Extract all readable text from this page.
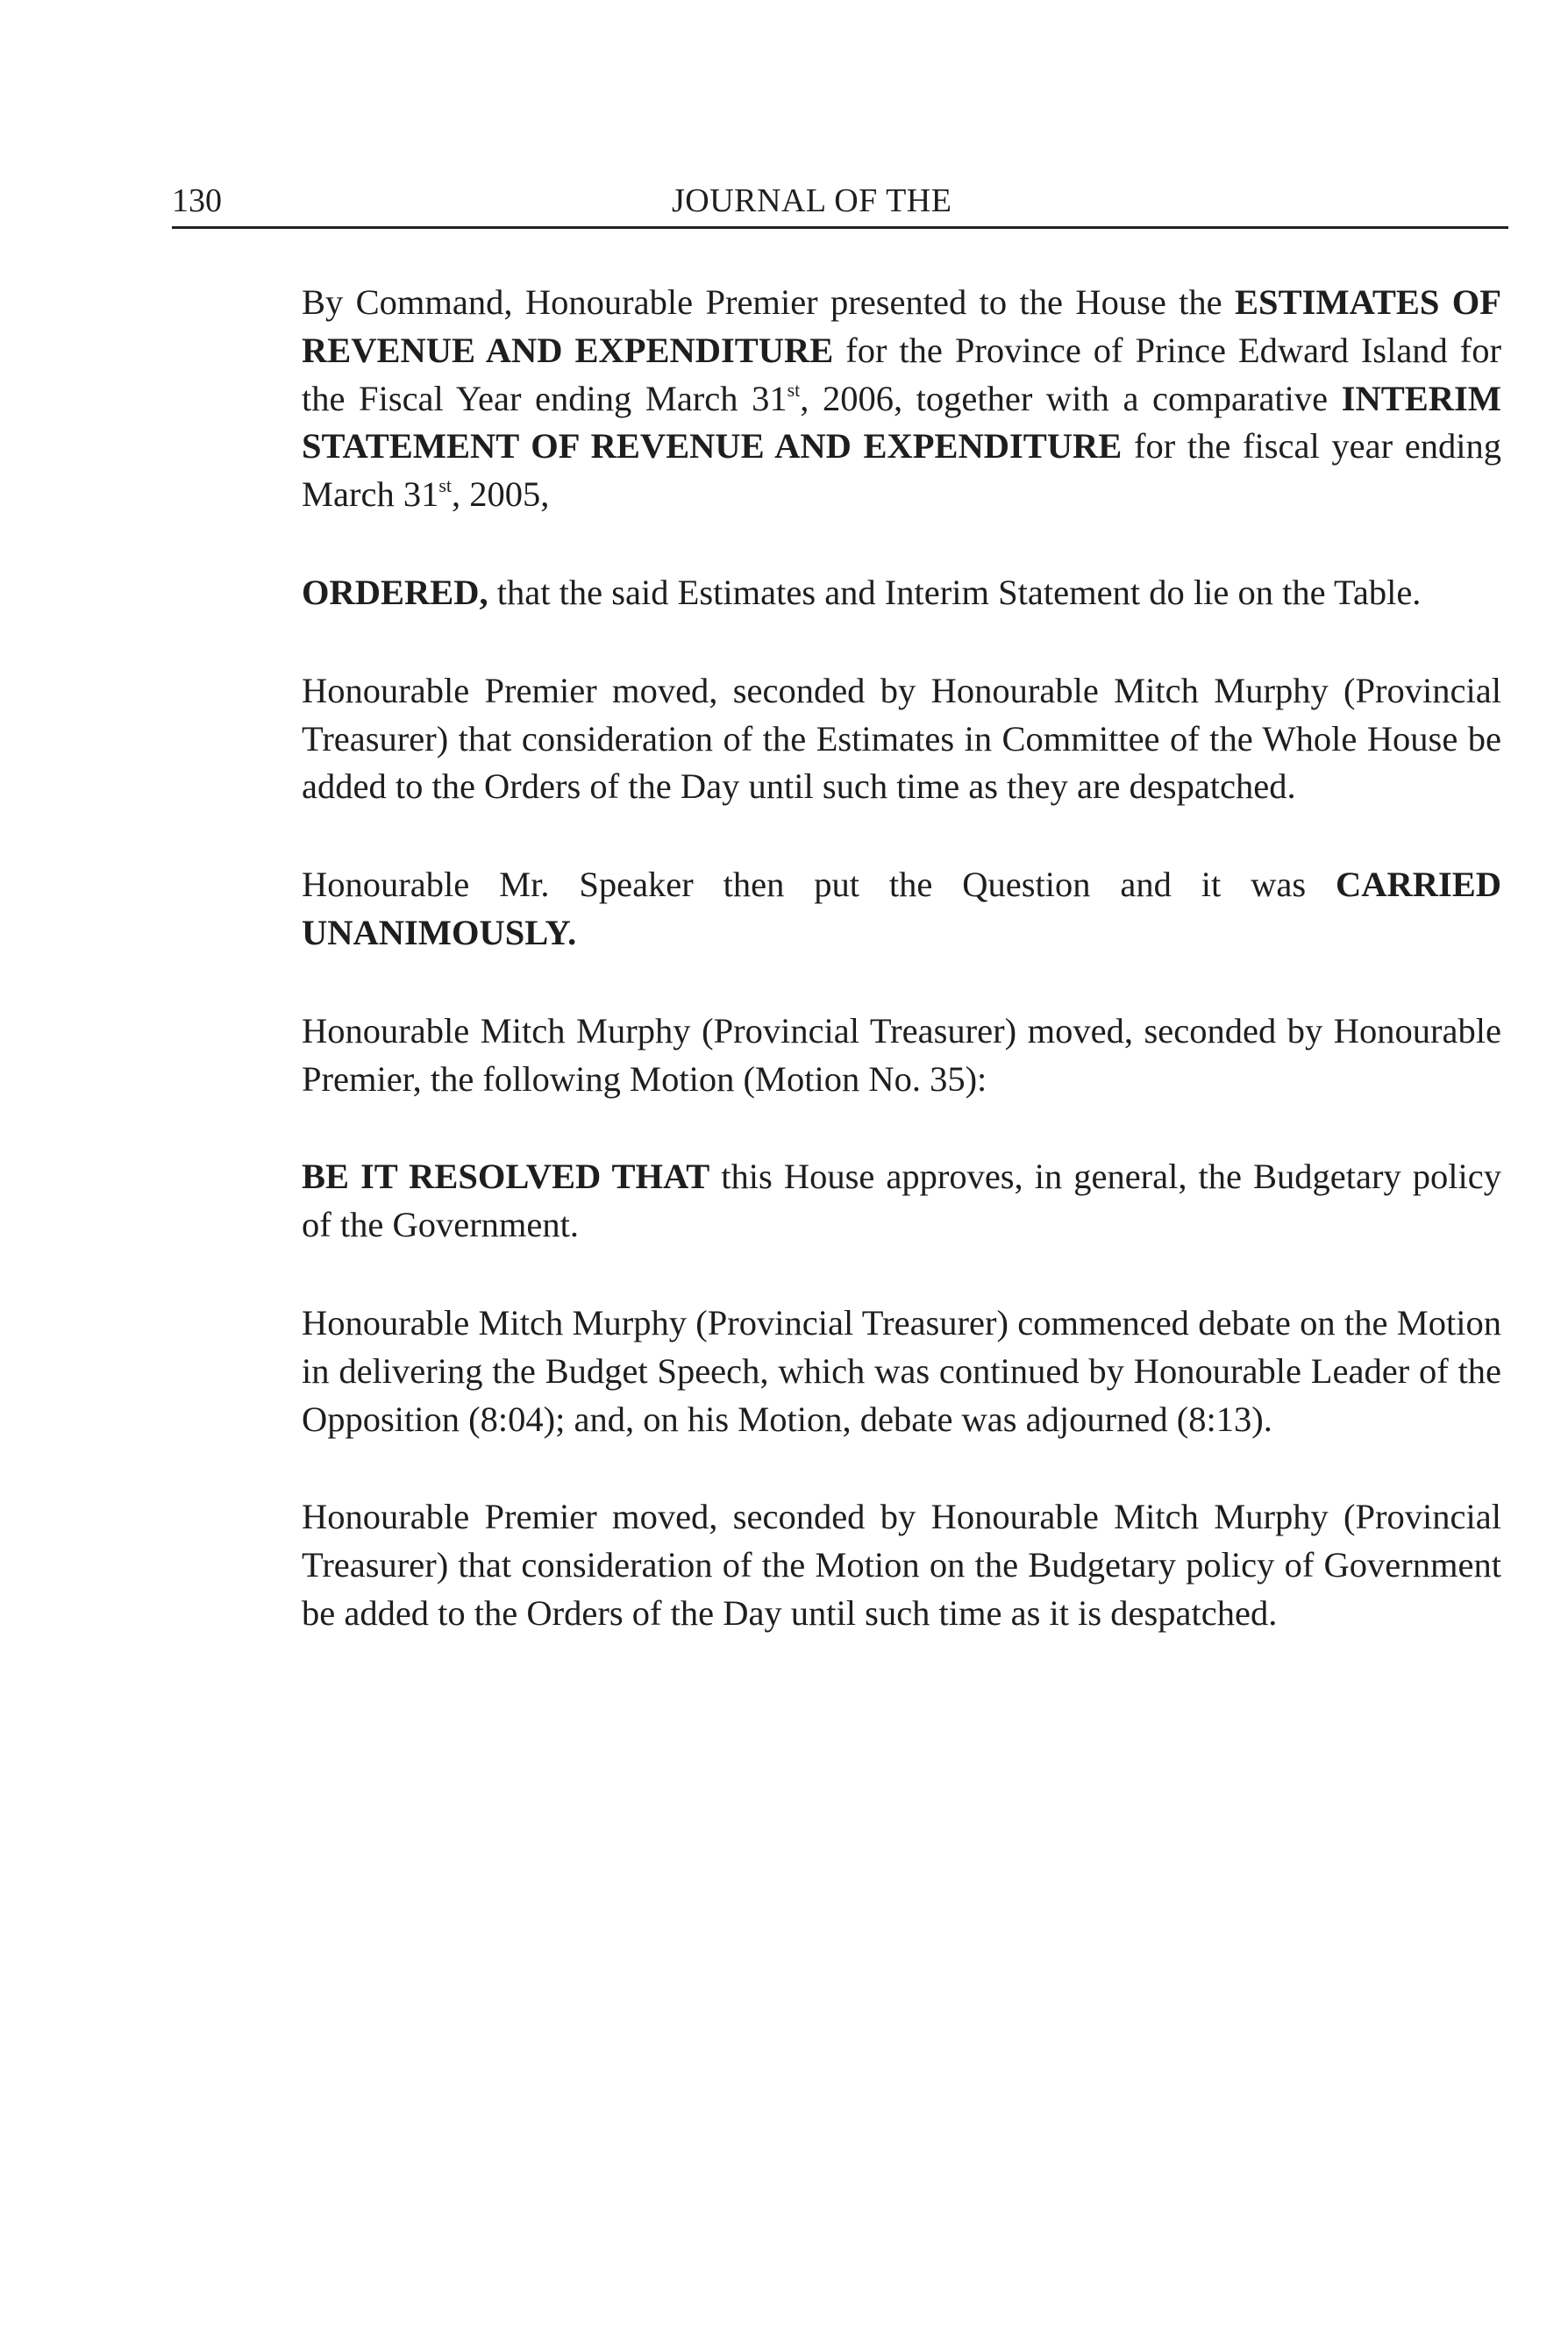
130	JOURNAL OF THE

By Command, Honourable Premier presented to the House the ESTIMATES OF REVENUE AND EXPENDITURE for the Province of Prince Edward Island for the Fiscal Year ending March 31st, 2006, together with a comparative INTERIM STATEMENT OF REVENUE AND EXPENDITURE for the fiscal year ending March 31st, 2005,

ORDERED, that the said Estimates and Interim Statement do lie on the Table.

Honourable Premier moved, seconded by Honourable Mitch Murphy (Provincial Treasurer) that consideration of the Estimates in Committee of the Whole House be added to the Orders of the Day until such time as they are despatched.

Honourable Mr. Speaker then put the Question and it was CARRIED UNANIMOUSLY.

Honourable Mitch Murphy (Provincial Treasurer) moved, seconded by Honourable Premier, the following Motion (Motion No. 35):

BE IT RESOLVED THAT this House approves, in general, the Budgetary policy of the Government.

Honourable Mitch Murphy (Provincial Treasurer) commenced debate on the Motion in delivering the Budget Speech, which was continued by Honourable Leader of the Opposition (8:04); and, on his Motion, debate was adjourned (8:13).

Honourable Premier moved, seconded by Honourable Mitch Murphy (Provincial Treasurer) that consideration of the Motion on the Budgetary policy of Government be added to the Orders of the Day until such time as it is despatched.
